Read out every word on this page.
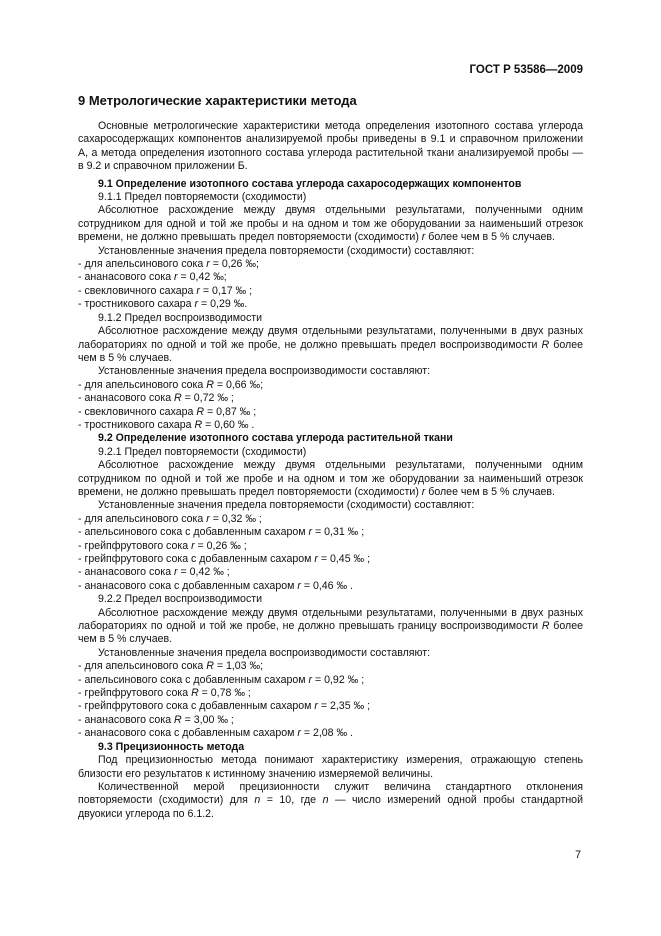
ГОСТ Р 53586—2009
9 Метрологические характеристики метода

Основные метрологические характеристики метода определения изотопного состава углерода сахаросодержащих компонентов анализируемой пробы приведены в 9.1 и справочном приложении А, а метода определения изотопного состава углерода растительной ткани анализируемой пробы — в 9.2 и справочном приложении Б.

9.1 Определение изотопного состава углерода сахаросодержащих компонентов

9.1.1 Предел повторяемости (сходимости)

Абсолютное расхождение между двумя отдельными результатами, полученными одним сотрудником для одной и той же пробы и на одном и том же оборудовании за наименьший отрезок времени, не должно превышать предел повторяемости (сходимости) r более чем в 5 % случаев.

Установленные значения предела повторяемости (сходимости) составляют:

- для апельсинового сока r = 0,26 ‰;

- ананасового сока r = 0,42 ‰;

- свекловичного сахара r = 0,17 ‰ ;

- тростникового сахара r = 0,29 ‰.

9.1.2 Предел воспроизводимости

Абсолютное расхождение между двумя отдельными результатами, полученными в двух разных лабораториях по одной и той же пробе, не должно превышать предел воспроизводимости R более чем в 5 % случаев.

Установленные значения предела воспроизводимости составляют:

- для апельсинового сока R = 0,66 ‰;

- ананасового сока R = 0,72 ‰ ;

- свекловичного сахара R = 0,87 ‰ ;

- тростникового сахара R = 0,60 ‰ .

9.2 Определение изотопного состава углерода растительной ткани

9.2.1 Предел повторяемости (сходимости)

Абсолютное расхождение между двумя отдельными результатами, полученными одним сотрудником по одной и той же пробе и на одном и том же оборудовании за наименьший отрезок времени, не должно превышать предел повторяемости (сходимости) r более чем в 5 % случаев.

Установленные значения предела повторяемости (сходимости) составляют:

- для апельсинового сока r = 0,32 ‰ ;

- апельсинового сока с добавленным сахаром r = 0,31 ‰ ;

- грейпфрутового сока r = 0,26 ‰ ;

- грейпфрутового сока с добавленным сахаром r = 0,45 ‰ ;

- ананасового сока r = 0,42 ‰ ;

- ананасового сока с добавленным сахаром r = 0,46 ‰ .

9.2.2 Предел воспроизводимости

Абсолютное расхождение между двумя отдельными результатами, полученными в двух разных лабораториях по одной и той же пробе, не должно превышать границу воспроизводимости R более чем в 5 % случаев.

Установленные значения предела воспроизводимости составляют:

- для апельсинового сока R = 1,03 ‰;

- апельсинового сока с добавленным сахаром r = 0,92 ‰ ;

- грейпфрутового сока R = 0,78 ‰ ;

- грейпфрутового сока с добавленным сахаром r = 2,35 ‰ ;

- ананасового сока R = 3,00 ‰ ;

- ананасового сока с добавленным сахаром r = 2,08 ‰ .

9.3 Прецизионность метода

Под прецизионностью метода понимают характеристику измерения, отражающую степень близости его результатов к истинному значению измеряемой величины.

Количественной мерой прецизионности служит величина стандартного отклонения повторяемости (сходимости) для n = 10, где n — число измерений одной пробы стандартной двуокиси углерода по 6.1.2.

7
